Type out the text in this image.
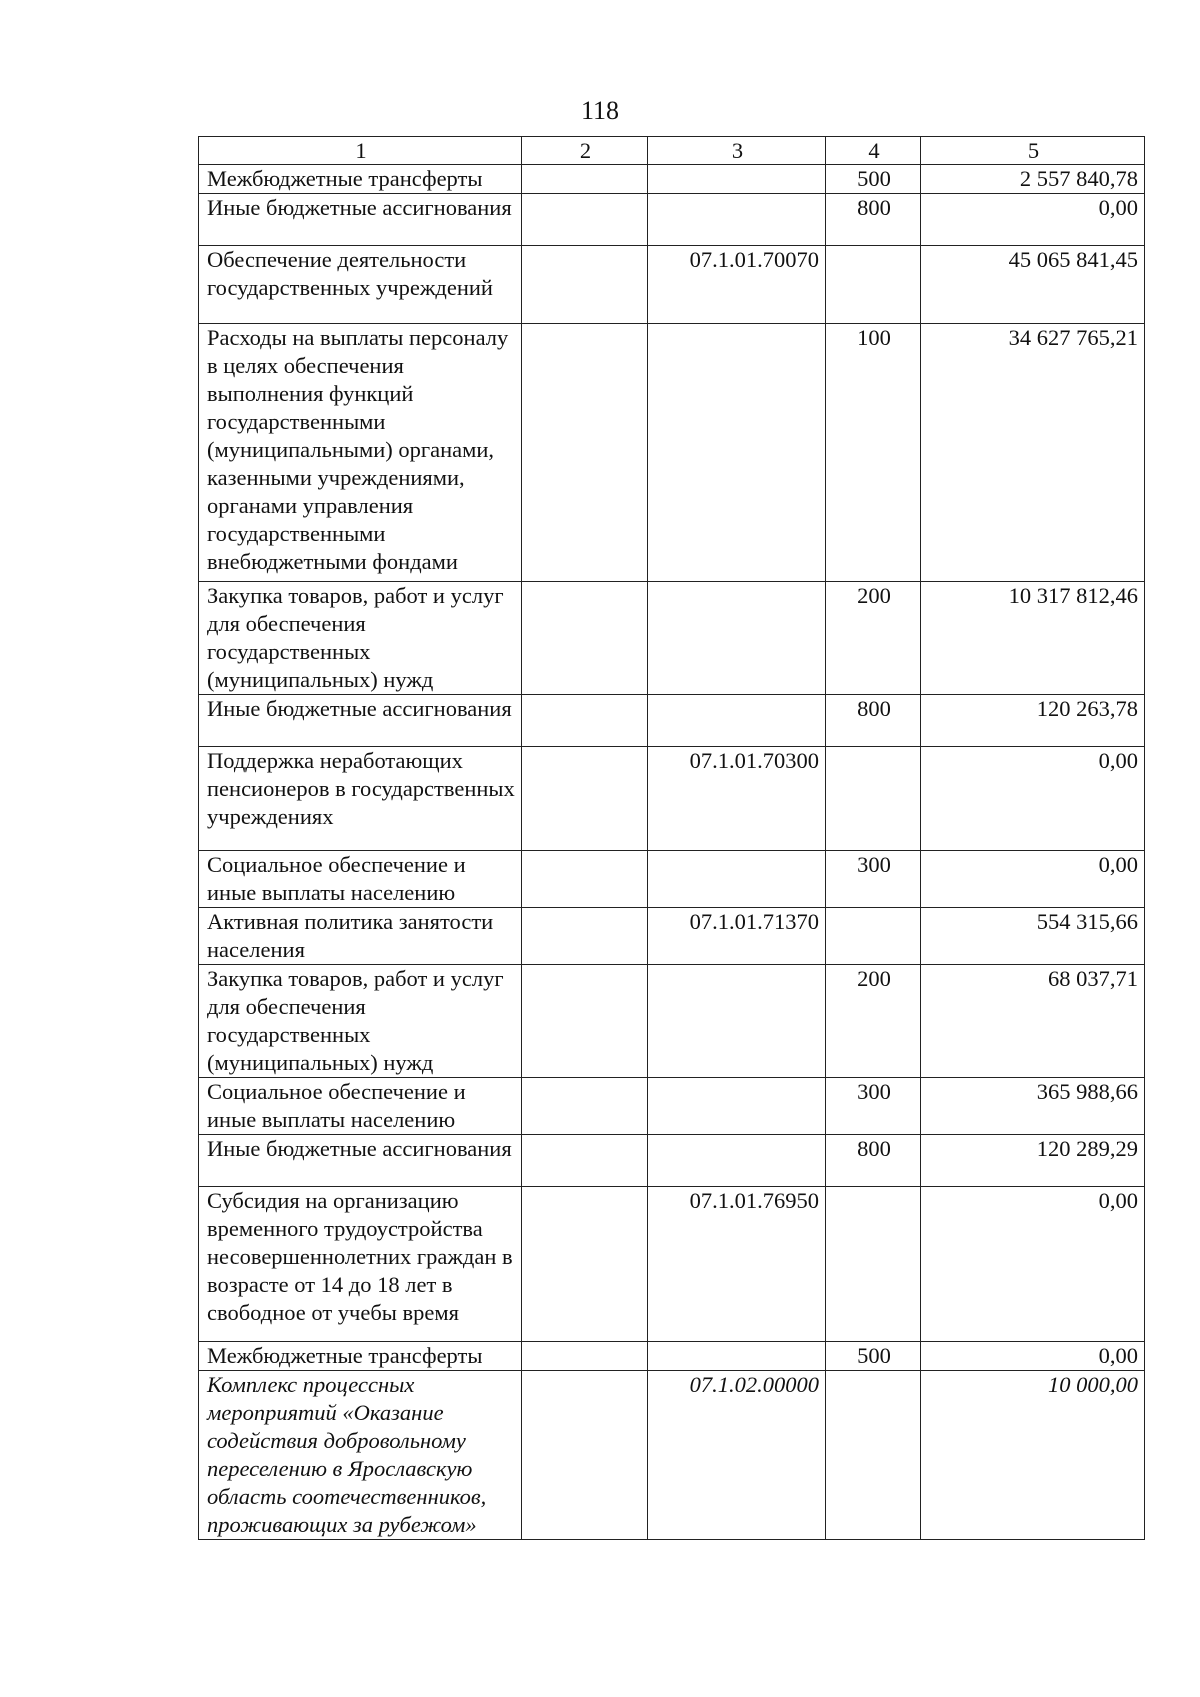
118
1	2	3	4	5
Межбюджетные трансферты			500	2 557 840,78
Иные бюджетные ассигнования			800	0,00
Обеспечение деятельности государственных учреждений		07.1.01.70070		45 065 841,45
Расходы на выплаты персоналу в целях обеспечения выполнения функций государственными (муниципальными) органами, казенными учреждениями, органами управления государственными внебюджетными фондами			100	34 627 765,21
Закупка товаров, работ и услуг для обеспечения государственных (муниципальных) нужд			200	10 317 812,46
Иные бюджетные ассигнования			800	120 263,78
Поддержка неработающих пенсионеров в государственных учреждениях		07.1.01.70300		0,00
Социальное обеспечение и иные выплаты населению			300	0,00
Активная политика занятости населения		07.1.01.71370		554 315,66
Закупка товаров, работ и услуг для обеспечения государственных (муниципальных) нужд			200	68 037,71
Социальное обеспечение и иные выплаты населению			300	365 988,66
Иные бюджетные ассигнования			800	120 289,29
Субсидия на организацию временного трудоустройства несовершеннолетних граждан в возрасте от 14 до 18 лет в свободное от учебы время		07.1.01.76950		0,00
Межбюджетные трансферты			500	0,00
Комплекс процессных мероприятий «Оказание содействия добровольному переселению в Ярославскую область соотечественников, проживающих за рубежом»		07.1.02.00000		10 000,00
